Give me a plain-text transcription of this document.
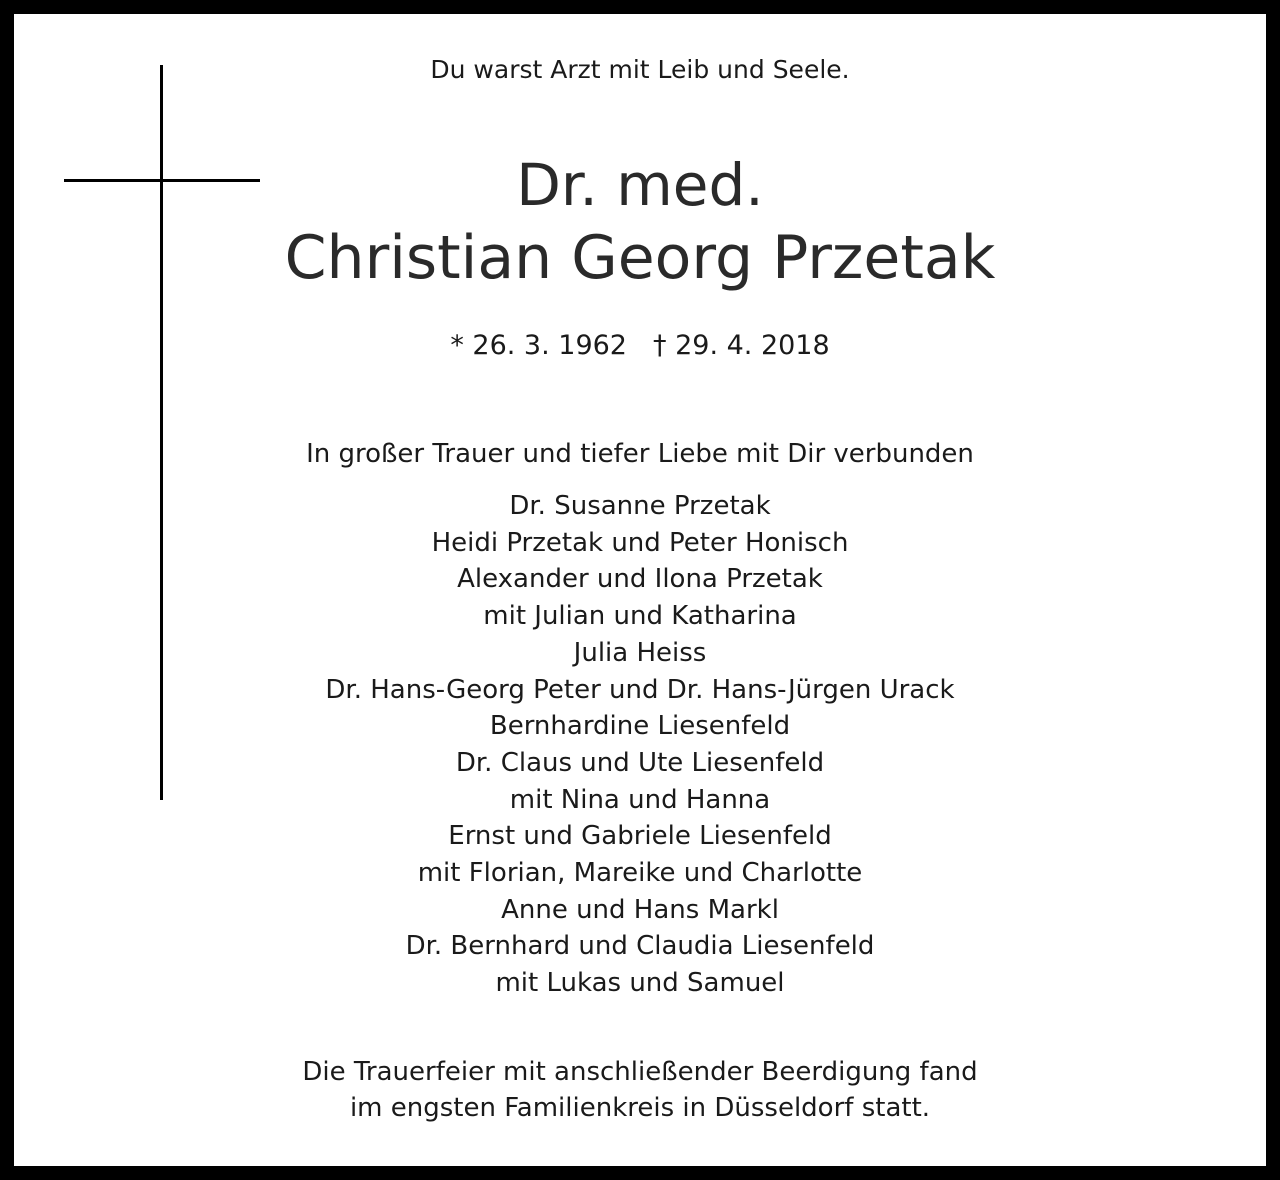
Du warst Arzt mit Leib und Seele.
Dr. med.
Christian Georg Przetak
* 26. 3. 1962 † 29. 4. 2018
In großer Trauer und tiefer Liebe mit Dir verbunden
Dr. Susanne Przetak
Heidi Przetak und Peter Honisch
Alexander und Ilona Przetak
mit Julian und Katharina
Julia Heiss
Dr. Hans-Georg Peter und Dr. Hans-Jürgen Urack
Bernhardine Liesenfeld
Dr. Claus und Ute Liesenfeld
mit Nina und Hanna
Ernst und Gabriele Liesenfeld
mit Florian, Mareike und Charlotte
Anne und Hans Markl
Dr. Bernhard und Claudia Liesenfeld
mit Lukas und Samuel
Die Trauerfeier mit anschließender Beerdigung fand
im engsten Familienkreis in Düsseldorf statt.
